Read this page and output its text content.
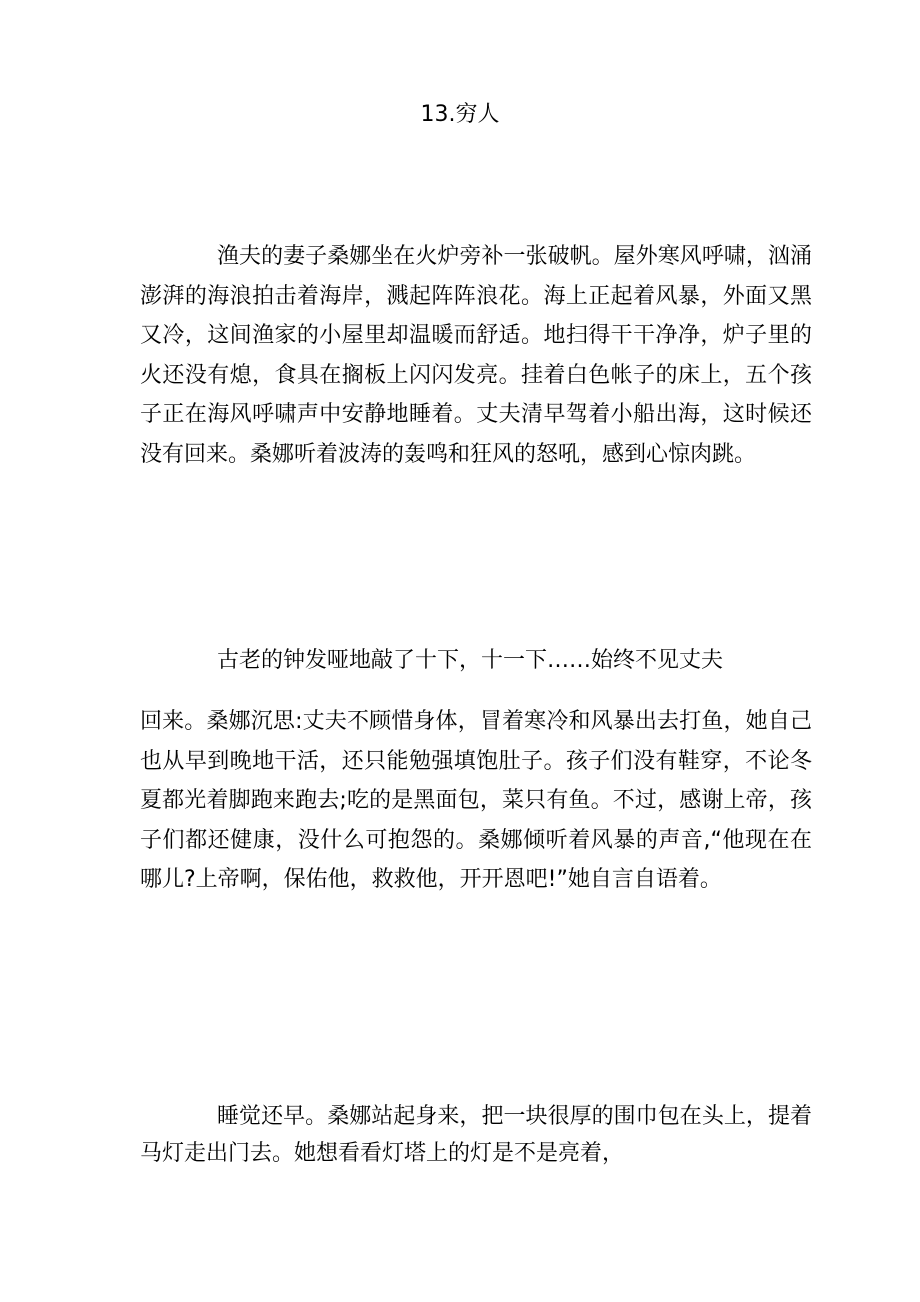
13.穷人

渔夫的妻子桑娜坐在火炉旁补一张破帆。屋外寒风呼啸，汹涌澎湃的海浪拍击着海岸，溅起阵阵浪花。海上正起着风暴，外面又黑又冷，这间渔家的小屋里却温暖而舒适。地扫得干干净净，炉子里的火还没有熄，食具在搁板上闪闪发亮。挂着白色帐子的床上，五个孩子正在海风呼啸声中安静地睡着。丈夫清早驾着小船出海，这时候还没有回来。桑娜听着波涛的轰鸣和狂风的怒吼，感到心惊肉跳。

古老的钟发哑地敲了十下，十一下……始终不见丈夫

回来。桑娜沉思:丈夫不顾惜身体，冒着寒冷和风暴出去打鱼，她自己也从早到晚地干活，还只能勉强填饱肚子。孩子们没有鞋穿，不论冬夏都光着脚跑来跑去;吃的是黑面包，菜只有鱼。不过，感谢上帝，孩子们都还健康，没什么可抱怨的。桑娜倾听着风暴的声音,“他现在在哪儿?上帝啊，保佑他，救救他，开开恩吧!”她自言自语着。

睡觉还早。桑娜站起身来，把一块很厚的围巾包在头上，提着马灯走出门去。她想看看灯塔上的灯是不是亮着，
